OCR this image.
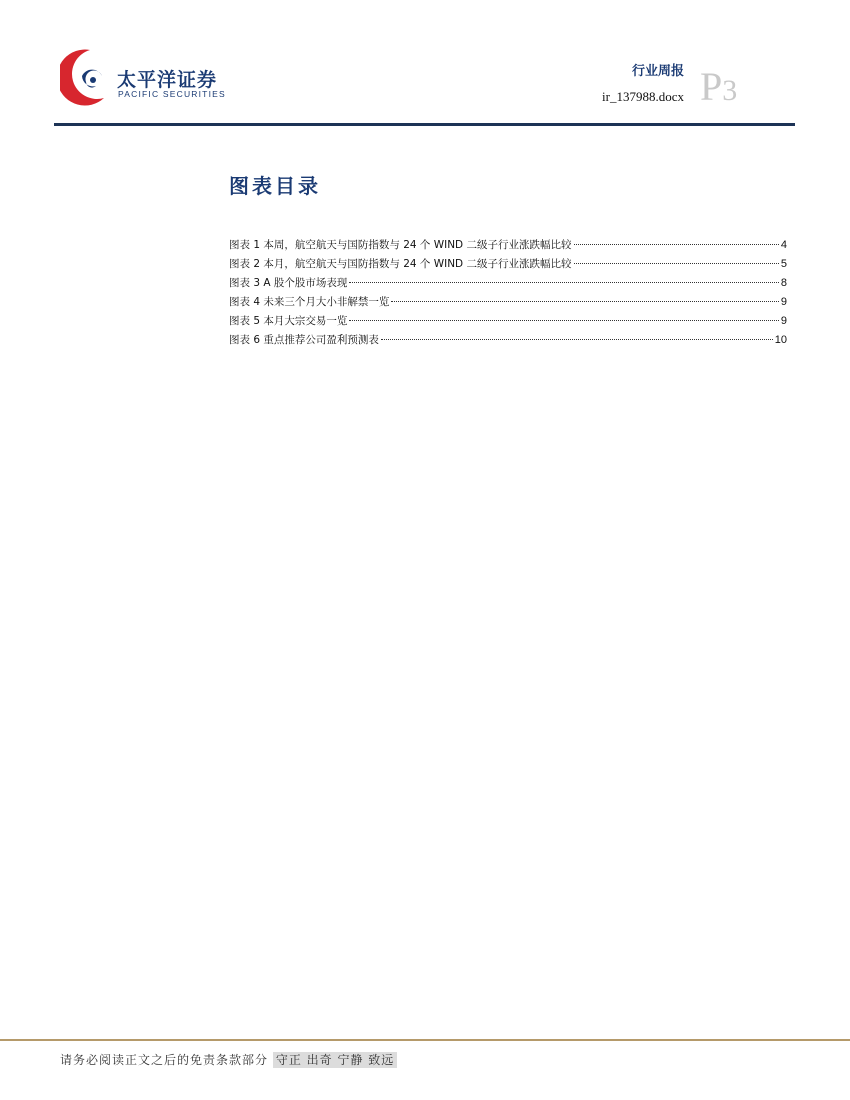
太平洋证券
PACIFIC SECURITIES
行业周报
ir_137988.docx P3
图表目录
图表 1 本周，航空航天与国防指数与 24 个 WIND 二级子行业涨跌幅比较	4
图表 2 本月，航空航天与国防指数与 24 个 WIND 二级子行业涨跌幅比较	5
图表 3 A 股个股市场表现	8
图表 4 未来三个月大小非解禁一览	9
图表 5 本月大宗交易一览	9
图表 6 重点推荐公司盈利预测表	10
请务必阅读正文之后的免责条款部分 守正 出奇 宁静 致远
